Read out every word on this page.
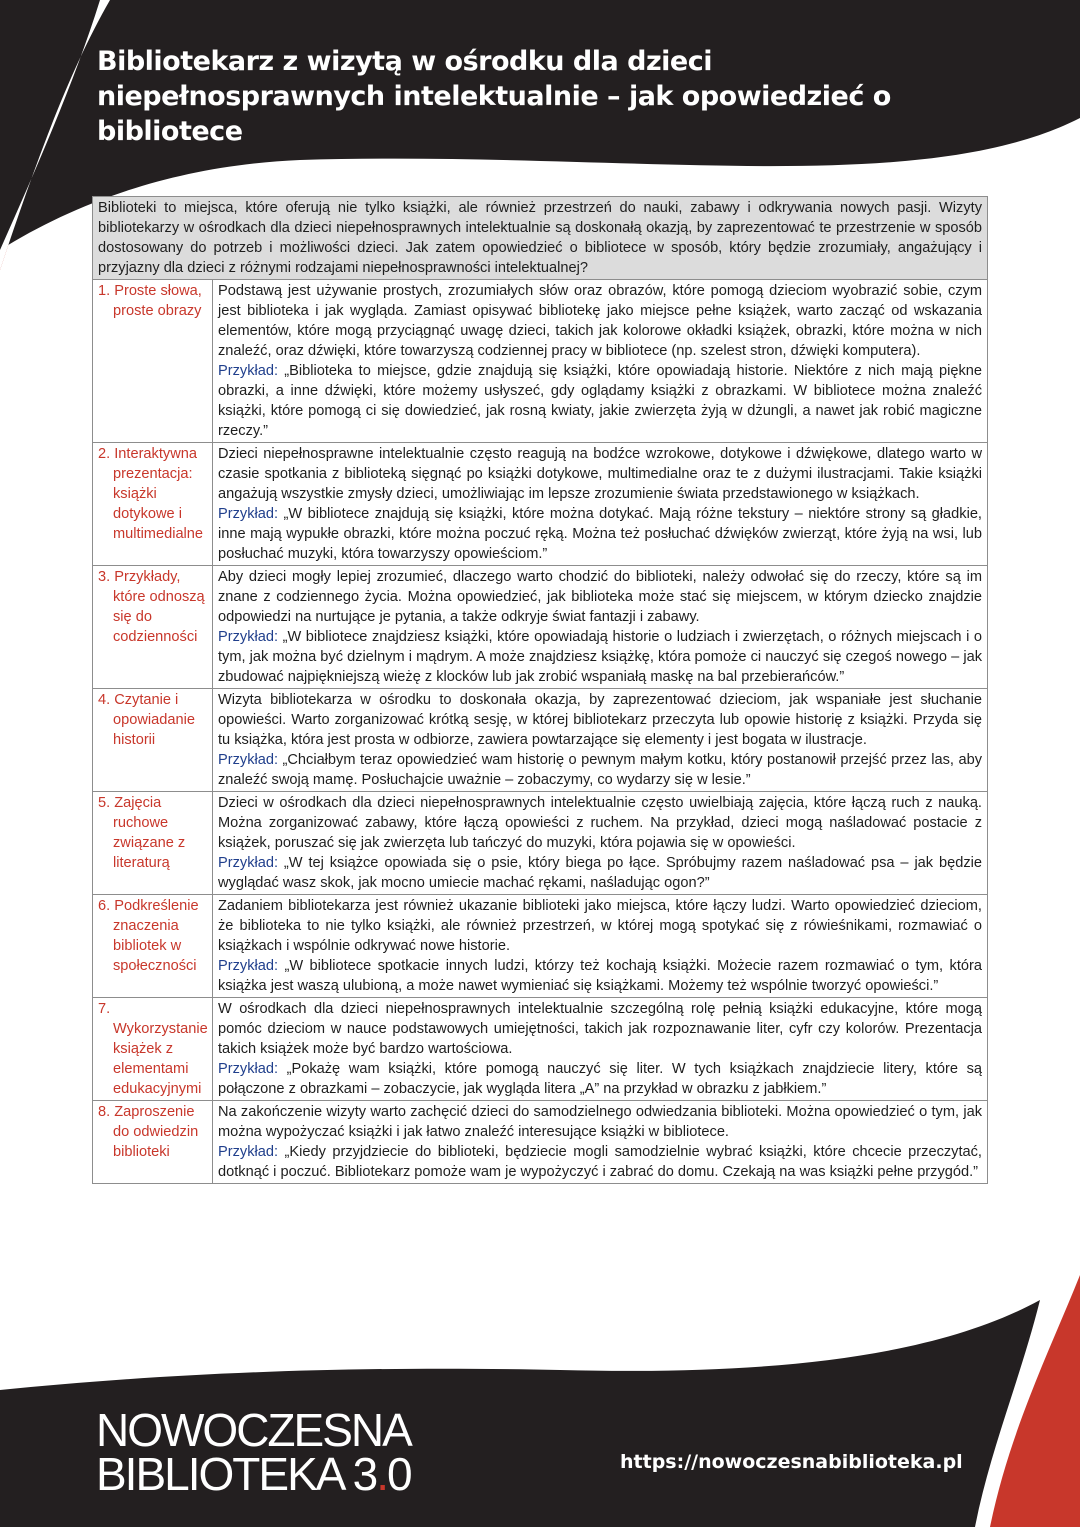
Bibliotekarz z wizytą w ośrodku dla dzieci niepełnosprawnych intelektualnie – jak opowiedzieć o bibliotece
Biblioteki to miejsca, które oferują nie tylko książki, ale również przestrzeń do nauki, zabawy i odkrywania nowych pasji. Wizyty bibliotekarzy w ośrodkach dla dzieci niepełnosprawnych intelektualnie są doskonałą okazją, by zaprezentować te przestrzenie w sposób dostosowany do potrzeb i możliwości dzieci. Jak zatem opowiedzieć o bibliotece w sposób, który będzie zrozumiały, angażujący i przyjazny dla dzieci z różnymi rodzajami niepełnosprawności intelektualnej?	

1. Proste słowa, proste obrazy	Podstawą jest używanie prostych, zrozumiałych słów oraz obrazów, które pomogą dzieciom wyobrazić sobie, czym jest biblioteka i jak wygląda. Zamiast opisywać bibliotekę jako miejsce pełne książek, warto zacząć od wskazania elementów, które mogą przyciągnąć uwagę dzieci, takich jak kolorowe okładki książek, obrazki, które można w nich znaleźć, oraz dźwięki, które towarzyszą codziennej pracy w bibliotece (np. szelest stron, dźwięki komputera).
Przykład: „Biblioteka to miejsce, gdzie znajdują się książki, które opowiadają historie. Niektóre z nich mają piękne obrazki, a inne dźwięki, które możemy usłyszeć, gdy oglądamy książki z obrazkami. W bibliotece można znaleźć książki, które pomogą ci się dowiedzieć, jak rosną kwiaty, jakie zwierzęta żyją w dżungli, a nawet jak robić magiczne rzeczy.”

2. Interaktywna prezentacja: książki dotykowe i multimedialne	Dzieci niepełnosprawne intelektualnie często reagują na bodźce wzrokowe, dotykowe i dźwiękowe, dlatego warto w czasie spotkania z biblioteką sięgnąć po książki dotykowe, multimedialne oraz te z dużymi ilustracjami. Takie książki angażują wszystkie zmysły dzieci, umożliwiając im lepsze zrozumienie świata przedstawionego w książkach.
Przykład: „W bibliotece znajdują się książki, które można dotykać. Mają różne tekstury – niektóre strony są gładkie, inne mają wypukłe obrazki, które można poczuć ręką. Można też posłuchać dźwięków zwierząt, które żyją na wsi, lub posłuchać muzyki, która towarzyszy opowieściom.”

3. Przykłady, które odnoszą się do codzienności	Aby dzieci mogły lepiej zrozumieć, dlaczego warto chodzić do biblioteki, należy odwołać się do rzeczy, które są im znane z codziennego życia. Można opowiedzieć, jak biblioteka może stać się miejscem, w którym dziecko znajdzie odpowiedzi na nurtujące je pytania, a także odkryje świat fantazji i zabawy.
Przykład: „W bibliotece znajdziesz książki, które opowiadają historie o ludziach i zwierzętach, o różnych miejscach i o tym, jak można być dzielnym i mądrym. A może znajdziesz książkę, która pomoże ci nauczyć się czegoś nowego – jak zbudować najpiękniejszą wieżę z klocków lub jak zrobić wspaniałą maskę na bal przebierańców.”

4. Czytanie i opowiadanie historii	Wizyta bibliotekarza w ośrodku to doskonała okazja, by zaprezentować dzieciom, jak wspaniałe jest słuchanie opowieści. Warto zorganizować krótką sesję, w której bibliotekarz przeczyta lub opowie historię z książki. Przyda się tu książka, która jest prosta w odbiorze, zawiera powtarzające się elementy i jest bogata w ilustracje.
Przykład: „Chciałbym teraz opowiedzieć wam historię o pewnym małym kotku, który postanowił przejść przez las, aby znaleźć swoją mamę. Posłuchajcie uważnie – zobaczymy, co wydarzy się w lesie.”

5. Zajęcia ruchowe związane z literaturą	Dzieci w ośrodkach dla dzieci niepełnosprawnych intelektualnie często uwielbiają zajęcia, które łączą ruch z nauką. Można zorganizować zabawy, które łączą opowieści z ruchem. Na przykład, dzieci mogą naśladować postacie z książek, poruszać się jak zwierzęta lub tańczyć do muzyki, która pojawia się w opowieści.
Przykład: „W tej książce opowiada się o psie, który biega po łące. Spróbujmy razem naśladować psa – jak będzie wyglądać wasz skok, jak mocno umiecie machać rękami, naśladując ogon?”

6. Podkreślenie znaczenia bibliotek w społeczności	Zadaniem bibliotekarza jest również ukazanie biblioteki jako miejsca, które łączy ludzi. Warto opowiedzieć dzieciom, że biblioteka to nie tylko książki, ale również przestrzeń, w której mogą spotykać się z rówieśnikami, rozmawiać o książkach i wspólnie odkrywać nowe historie.
Przykład: „W bibliotece spotkacie innych ludzi, którzy też kochają książki. Możecie razem rozmawiać o tym, która książka jest waszą ulubioną, a może nawet wymieniać się książkami. Możemy też wspólnie tworzyć opowieści.”

7. Wykorzystanie książek z elementami edukacyjnymi	W ośrodkach dla dzieci niepełnosprawnych intelektualnie szczególną rolę pełnią książki edukacyjne, które mogą pomóc dzieciom w nauce podstawowych umiejętności, takich jak rozpoznawanie liter, cyfr czy kolorów. Prezentacja takich książek może być bardzo wartościowa.
Przykład: „Pokażę wam książki, które pomogą nauczyć się liter. W tych książkach znajdziecie litery, które są połączone z obrazkami – zobaczycie, jak wygląda litera „A” na przykład w obrazku z jabłkiem.”

8. Zaproszenie do odwiedzin biblioteki	Na zakończenie wizyty warto zachęcić dzieci do samodzielnego odwiedzania biblioteki. Można opowiedzieć o tym, jak można wypożyczać książki i jak łatwo znaleźć interesujące książki w bibliotece.
Przykład: „Kiedy przyjdziecie do biblioteki, będziecie mogli samodzielnie wybrać książki, które chcecie przeczytać, dotknąć i poczuć. Bibliotekarz pomoże wam je wypożyczyć i zabrać do domu. Czekają na was książki pełne przygód.”
NOWOCZESNA
BIBLIOTEKA 3.0	https://nowoczesnabiblioteka.pl
